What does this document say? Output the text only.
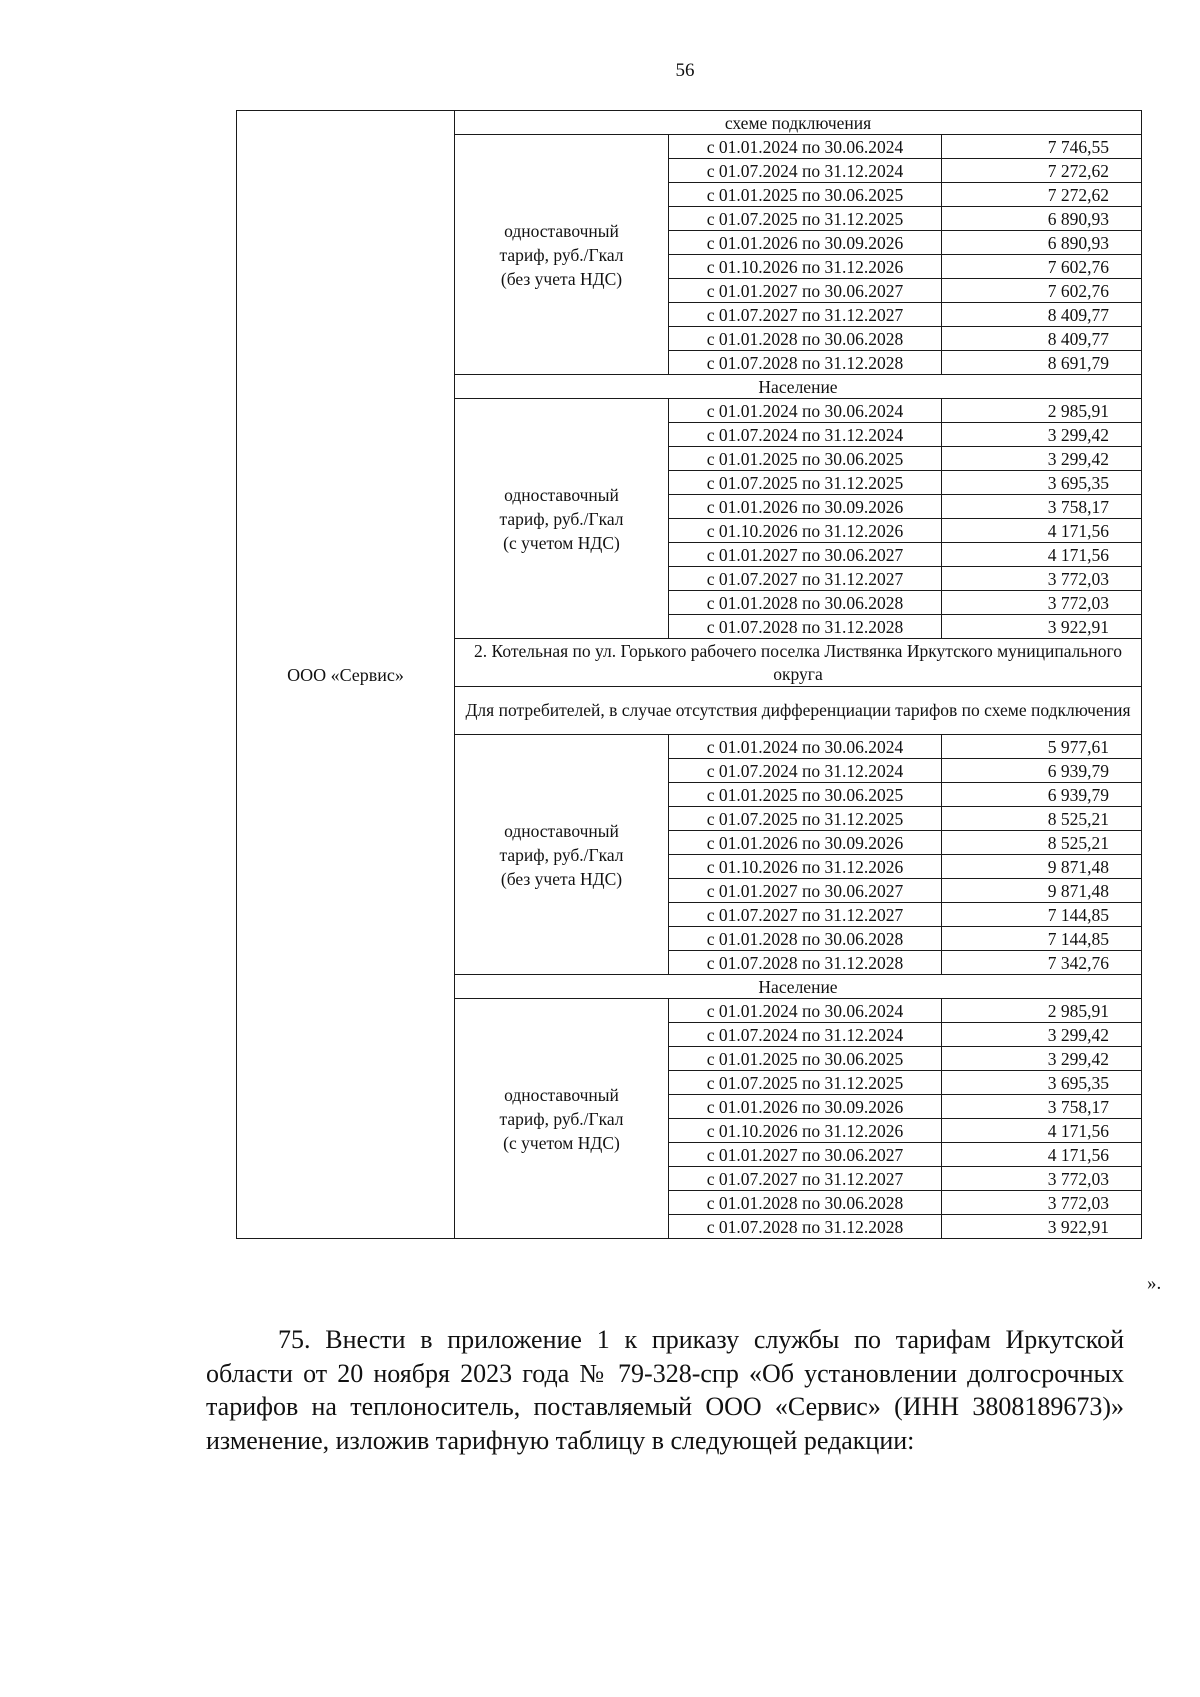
56
ООО «Сервис»	схеме подключения		

	одноставочный
тариф, руб./Гкал
(без учета НДС)	с 01.01.2024 по 30.06.2024	7 746,55
		с 01.07.2024 по 31.12.2024	7 272,62
		с 01.01.2025 по 30.06.2025	7 272,62
		с 01.07.2025 по 31.12.2025	6 890,93
		с 01.01.2026 по 30.09.2026	6 890,93
		с 01.10.2026 по 31.12.2026	7 602,76
		с 01.01.2027 по 30.06.2027	7 602,76
		с 01.07.2027 по 31.12.2027	8 409,77
		с 01.01.2028 по 30.06.2028	8 409,77
		с 01.07.2028 по 31.12.2028	8 691,79
	Население		

	одноставочный
тариф, руб./Гкал
(с учетом НДС)	с 01.01.2024 по 30.06.2024	2 985,91
		с 01.07.2024 по 31.12.2024	3 299,42
		с 01.01.2025 по 30.06.2025	3 299,42
		с 01.07.2025 по 31.12.2025	3 695,35
		с 01.01.2026 по 30.09.2026	3 758,17
		с 01.10.2026 по 31.12.2026	4 171,56
		с 01.01.2027 по 30.06.2027	4 171,56
		с 01.07.2027 по 31.12.2027	3 772,03
		с 01.01.2028 по 30.06.2028	3 772,03
		с 01.07.2028 по 31.12.2028	3 922,91
	2. Котельная по ул. Горького рабочего поселка Листвянка Иркутского муниципального округа		
	Для потребителей, в случае отсутствия дифференциации тарифов по схеме подключения		

	одноставочный
тариф, руб./Гкал
(без учета НДС)	с 01.01.2024 по 30.06.2024	5 977,61
		с 01.07.2024 по 31.12.2024	6 939,79
		с 01.01.2025 по 30.06.2025	6 939,79
		с 01.07.2025 по 31.12.2025	8 525,21
		с 01.01.2026 по 30.09.2026	8 525,21
		с 01.10.2026 по 31.12.2026	9 871,48
		с 01.01.2027 по 30.06.2027	9 871,48
		с 01.07.2027 по 31.12.2027	7 144,85
		с 01.01.2028 по 30.06.2028	7 144,85
		с 01.07.2028 по 31.12.2028	7 342,76
	Население		

	одноставочный
тариф, руб./Гкал
(с учетом НДС)	с 01.01.2024 по 30.06.2024	2 985,91
		с 01.07.2024 по 31.12.2024	3 299,42
		с 01.01.2025 по 30.06.2025	3 299,42
		с 01.07.2025 по 31.12.2025	3 695,35
		с 01.01.2026 по 30.09.2026	3 758,17
		с 01.10.2026 по 31.12.2026	4 171,56
		с 01.01.2027 по 30.06.2027	4 171,56
		с 01.07.2027 по 31.12.2027	3 772,03
		с 01.01.2028 по 30.06.2028	3 772,03
		с 01.07.2028 по 31.12.2028	3 922,91
».

75. Внести в приложение 1 к приказу службы по тарифам Иркутской области от 20 ноября 2023 года № 79-328-спр «Об установлении долгосрочных тарифов на теплоноситель, поставляемый ООО «Сервис» (ИНН 3808189673)» изменение, изложив тарифную таблицу в следующей редакции:
